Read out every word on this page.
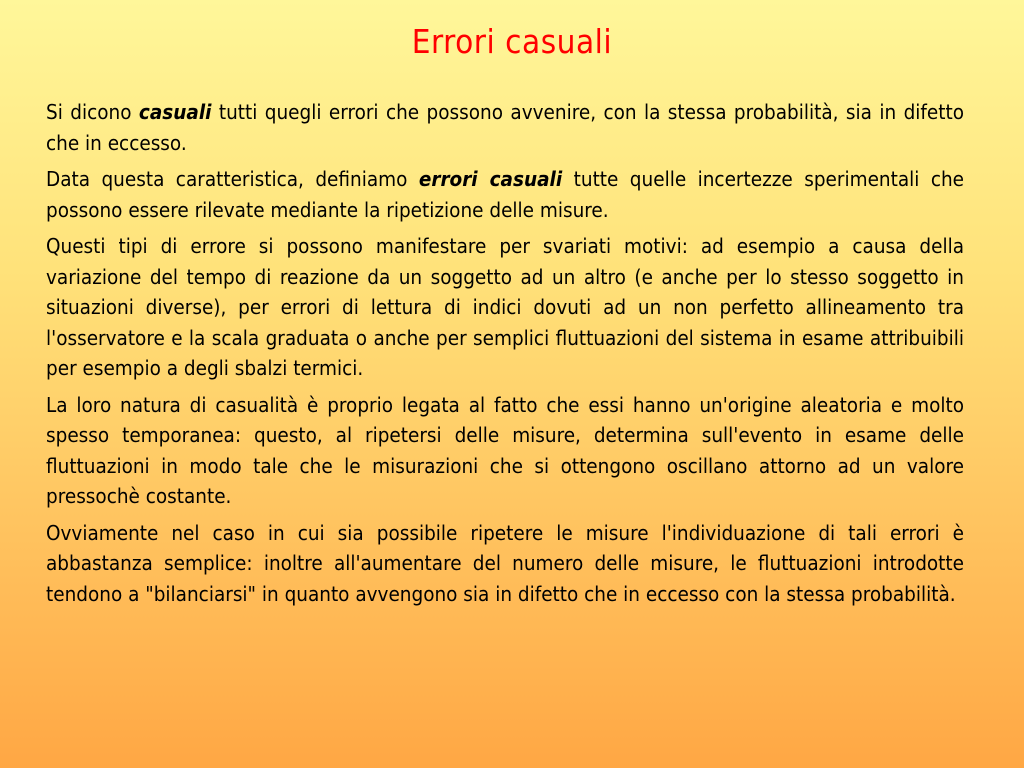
Errori casuali

Si dicono casuali tutti quegli errori che possono avvenire, con la stessa probabilità, sia in difetto che in eccesso.

Data questa caratteristica, definiamo errori casuali tutte quelle incertezze sperimentali che possono essere rilevate mediante la ripetizione delle misure.

Questi tipi di errore si possono manifestare per svariati motivi: ad esempio a causa della variazione del tempo di reazione da un soggetto ad un altro (e anche per lo stesso soggetto in situazioni diverse), per errori di lettura di indici dovuti ad un non perfetto allineamento tra l'osservatore e la scala graduata o anche per semplici fluttuazioni del sistema in esame attribuibili per esempio a degli sbalzi termici.

La loro natura di casualità è proprio legata al fatto che essi hanno un'origine aleatoria e molto spesso temporanea: questo, al ripetersi delle misure, determina sull'evento in esame delle fluttuazioni in modo tale che le misurazioni che si ottengono oscillano attorno ad un valore pressochè costante.

Ovviamente nel caso in cui sia possibile ripetere le misure l'individuazione di tali errori è abbastanza semplice: inoltre all'aumentare del numero delle misure, le fluttuazioni introdotte tendono a "bilanciarsi" in quanto avvengono sia in difetto che in eccesso con la stessa probabilità.
